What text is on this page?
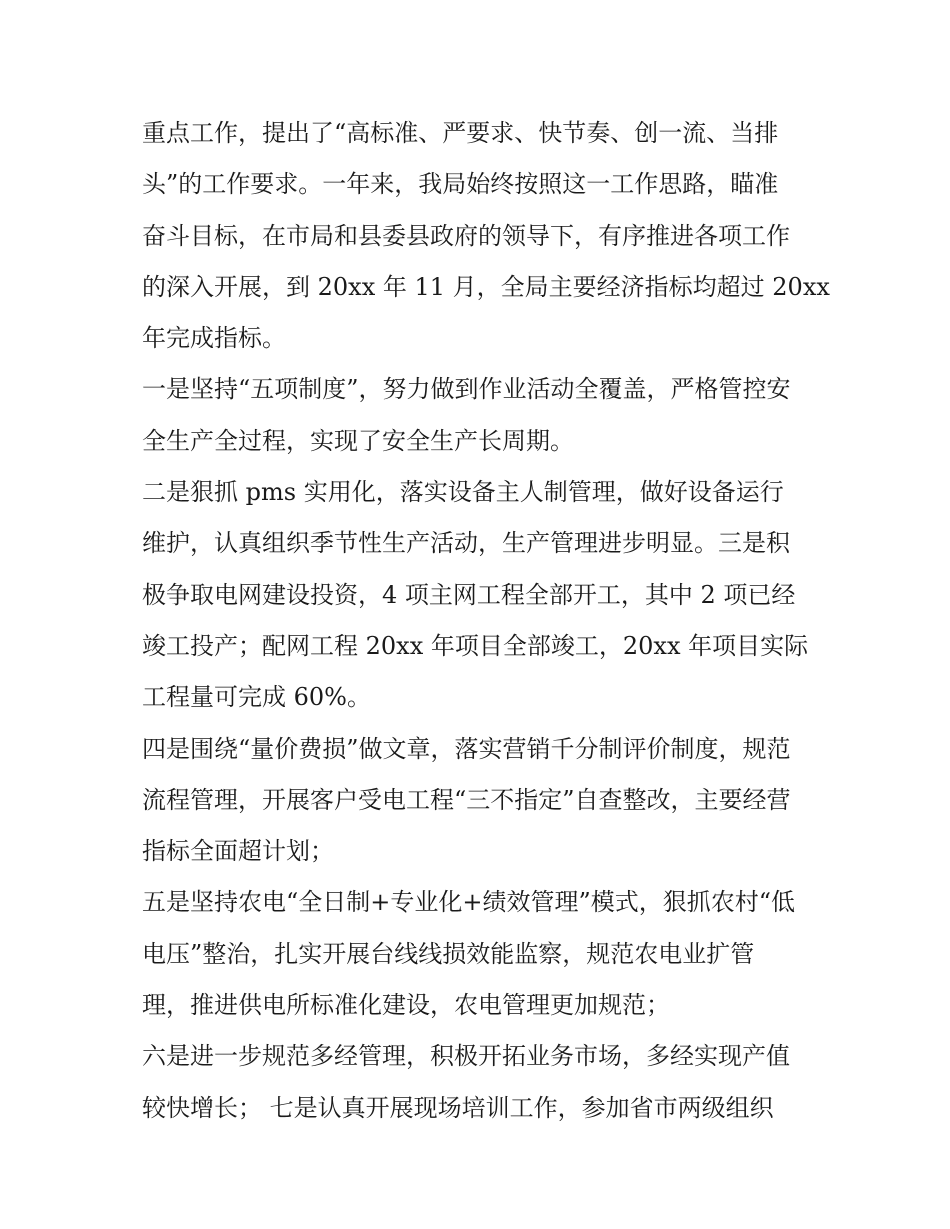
重点工作，提出了“高标准、严要求、快节奏、创一流、当排
头”的工作要求。一年来，我局始终按照这一工作思路，瞄准
奋斗目标，在市局和县委县政府的领导下，有序推进各项工作
的深入开展，到 20xx 年 11 月，全局主要经济指标均超过 20xx
年完成指标。
一是坚持“五项制度”，努力做到作业活动全覆盖，严格管控安
全生产全过程，实现了安全生产长周期。
二是狠抓 pms 实用化，落实设备主人制管理，做好设备运行
维护，认真组织季节性生产活动，生产管理进步明显。三是积
极争取电网建设投资，4 项主网工程全部开工，其中 2 项已经
竣工投产；配网工程 20xx 年项目全部竣工，20xx 年项目实际
工程量可完成 60%。
四是围绕“量价费损”做文章，落实营销千分制评价制度，规范
流程管理，开展客户受电工程“三不指定”自查整改，主要经营
指标全面超计划；
五是坚持农电“全日制+专业化+绩效管理”模式，狠抓农村“低
电压”整治，扎实开展台线线损效能监察，规范农电业扩管
理，推进供电所标准化建设，农电管理更加规范；
六是进一步规范多经管理，积极开拓业务市场，多经实现产值
较快增长； 七是认真开展现场培训工作，参加省市两级组织
